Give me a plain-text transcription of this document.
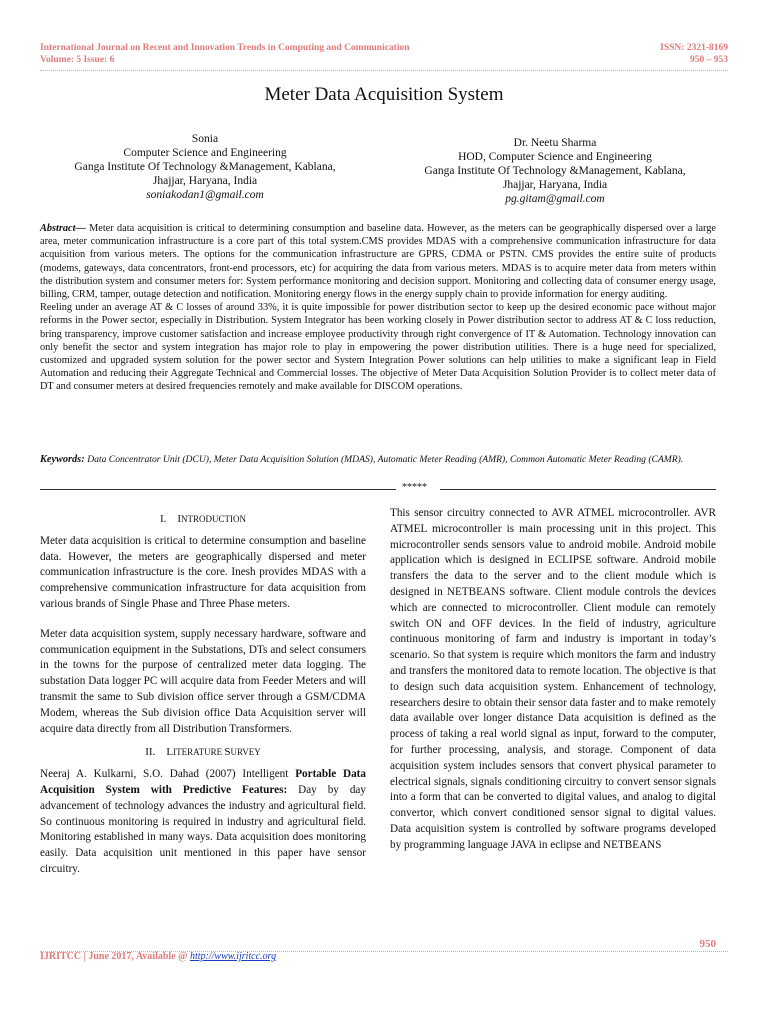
International Journal on Recent and Innovation Trends in Computing and Communication
Volume: 5 Issue: 6
ISSN: 2321-8169
950 – 953
Meter Data Acquisition System
Sonia
Computer Science and Engineering
Ganga Institute Of Technology &Management, Kablana,
Jhajjar, Haryana, India
soniakodan1@gmail.com
Dr. Neetu Sharma
HOD, Computer Science and Engineering
Ganga Institute Of Technology &Management, Kablana,
Jhajjar, Haryana, India
pg.gitam@gmail.com

Abstract— Meter data acquisition is critical to determining consumption and baseline data. However, as the meters can be geographically dispersed over a large area, meter communication infrastructure is a core part of this total system.CMS provides MDAS with a comprehensive communication infrastructure for data acquisition from various meters. The options for the communication infrastructure are GPRS, CDMA or PSTN. CMS provides the entire suite of products (modems, gateways, data concentrators, front-end processors, etc) for acquiring the data from various meters. MDAS is to acquire meter data from meters within the distribution system and consumer meters for: System performance monitoring and decision support. Monitoring and collecting data of consumer energy usage, billing, CRM, tamper, outage detection and notification. Monitoring energy flows in the energy supply chain to provide information for energy auditing.

Reeling under an average AT & C losses of around 33%, it is quite impossible for power distribution sector to keep up the desired economic pace without major reforms in the Power sector, especially in Distribution. System Integrator has been working closely in Power distribution sector to address AT & C loss reduction, bring transparency, improve customer satisfaction and increase employee productivity through right convergence of IT & Automation. Technology innovation can only benefit the sector and system integration has major role to play in empowering the power distribution utilities. There is a huge need for specialized, customized and upgraded system solution for the power sector and System Integration Power solutions can help utilities to make a significant leap in Field Automation and reducing their Aggregate Technical and Commercial losses. The objective of Meter Data Acquisition Solution Provider is to collect meter data of DT and consumer meters at desired frequencies remotely and make available for DISCOM operations.

Keywords: Data Concentrator Unit (DCU), Meter Data Acquisition Solution (MDAS), Automatic Meter Reading (AMR), Common Automatic Meter Reading (CAMR).
*****
I. INTRODUCTION

Meter data acquisition is critical to determine consumption and baseline data. However, the meters are geographically dispersed and meter communication infrastructure is the core. Inesh provides MDAS with a comprehensive communication infrastructure for data acquisition from various brands of Single Phase and Three Phase meters.

Meter data acquisition system, supply necessary hardware, software and communication equipment in the Substations, DTs and select consumers in the towns for the purpose of centralized meter data logging. The substation Data logger PC will acquire data from Feeder Meters and will transmit the same to Sub division office server through a GSM/CDMA Modem, whereas the Sub division office Data Acquisition server will acquire data directly from all Distribution Transformers.

II. LITERATURE SURVEY

Neeraj A. Kulkarni, S.O. Dahad (2007) Intelligent Portable Data Acquisition System with Predictive Features: Day by day advancement of technology advances the industry and agricultural field. So continuous monitoring is required in industry and agricultural field. Monitoring established in many ways. Data acquisition does monitoring easily. Data acquisition unit mentioned in this paper have sensor circuitry.

This sensor circuitry connected to AVR ATMEL microcontroller. AVR ATMEL microcontroller is main processing unit in this project. This microcontroller sends sensors value to android mobile. Android mobile application which is designed in ECLIPSE software. Android mobile transfers the data to the server and to the client module which is designed in NETBEANS software. Client module controls the devices which are connected to microcontroller. Client module can remotely switch ON and OFF devices. In the field of industry, agriculture continuous monitoring of farm and industry is important in today’s scenario. So that system is require which monitors the farm and industry and transfers the monitored data to remote location. The objective is that to design such data acquisition system. Enhancement of technology, researchers desire to obtain their sensor data faster and to make remotely data available over longer distance Data acquisition is defined as the process of taking a real world signal as input, forward to the computer, for further processing, analysis, and storage. Component of data acquisition system includes sensors that convert physical parameter to electrical signals, signals conditioning circuitry to convert sensor signals into a form that can be converted to digital values, and analog to digital convertor, which convert conditioned sensor signal to digital values. Data acquisition system is controlled by software programs developed by programming language JAVA in eclipse and NETBEANS

950
IJRITCC | June 2017, Available @ http://www.ijritcc.org
